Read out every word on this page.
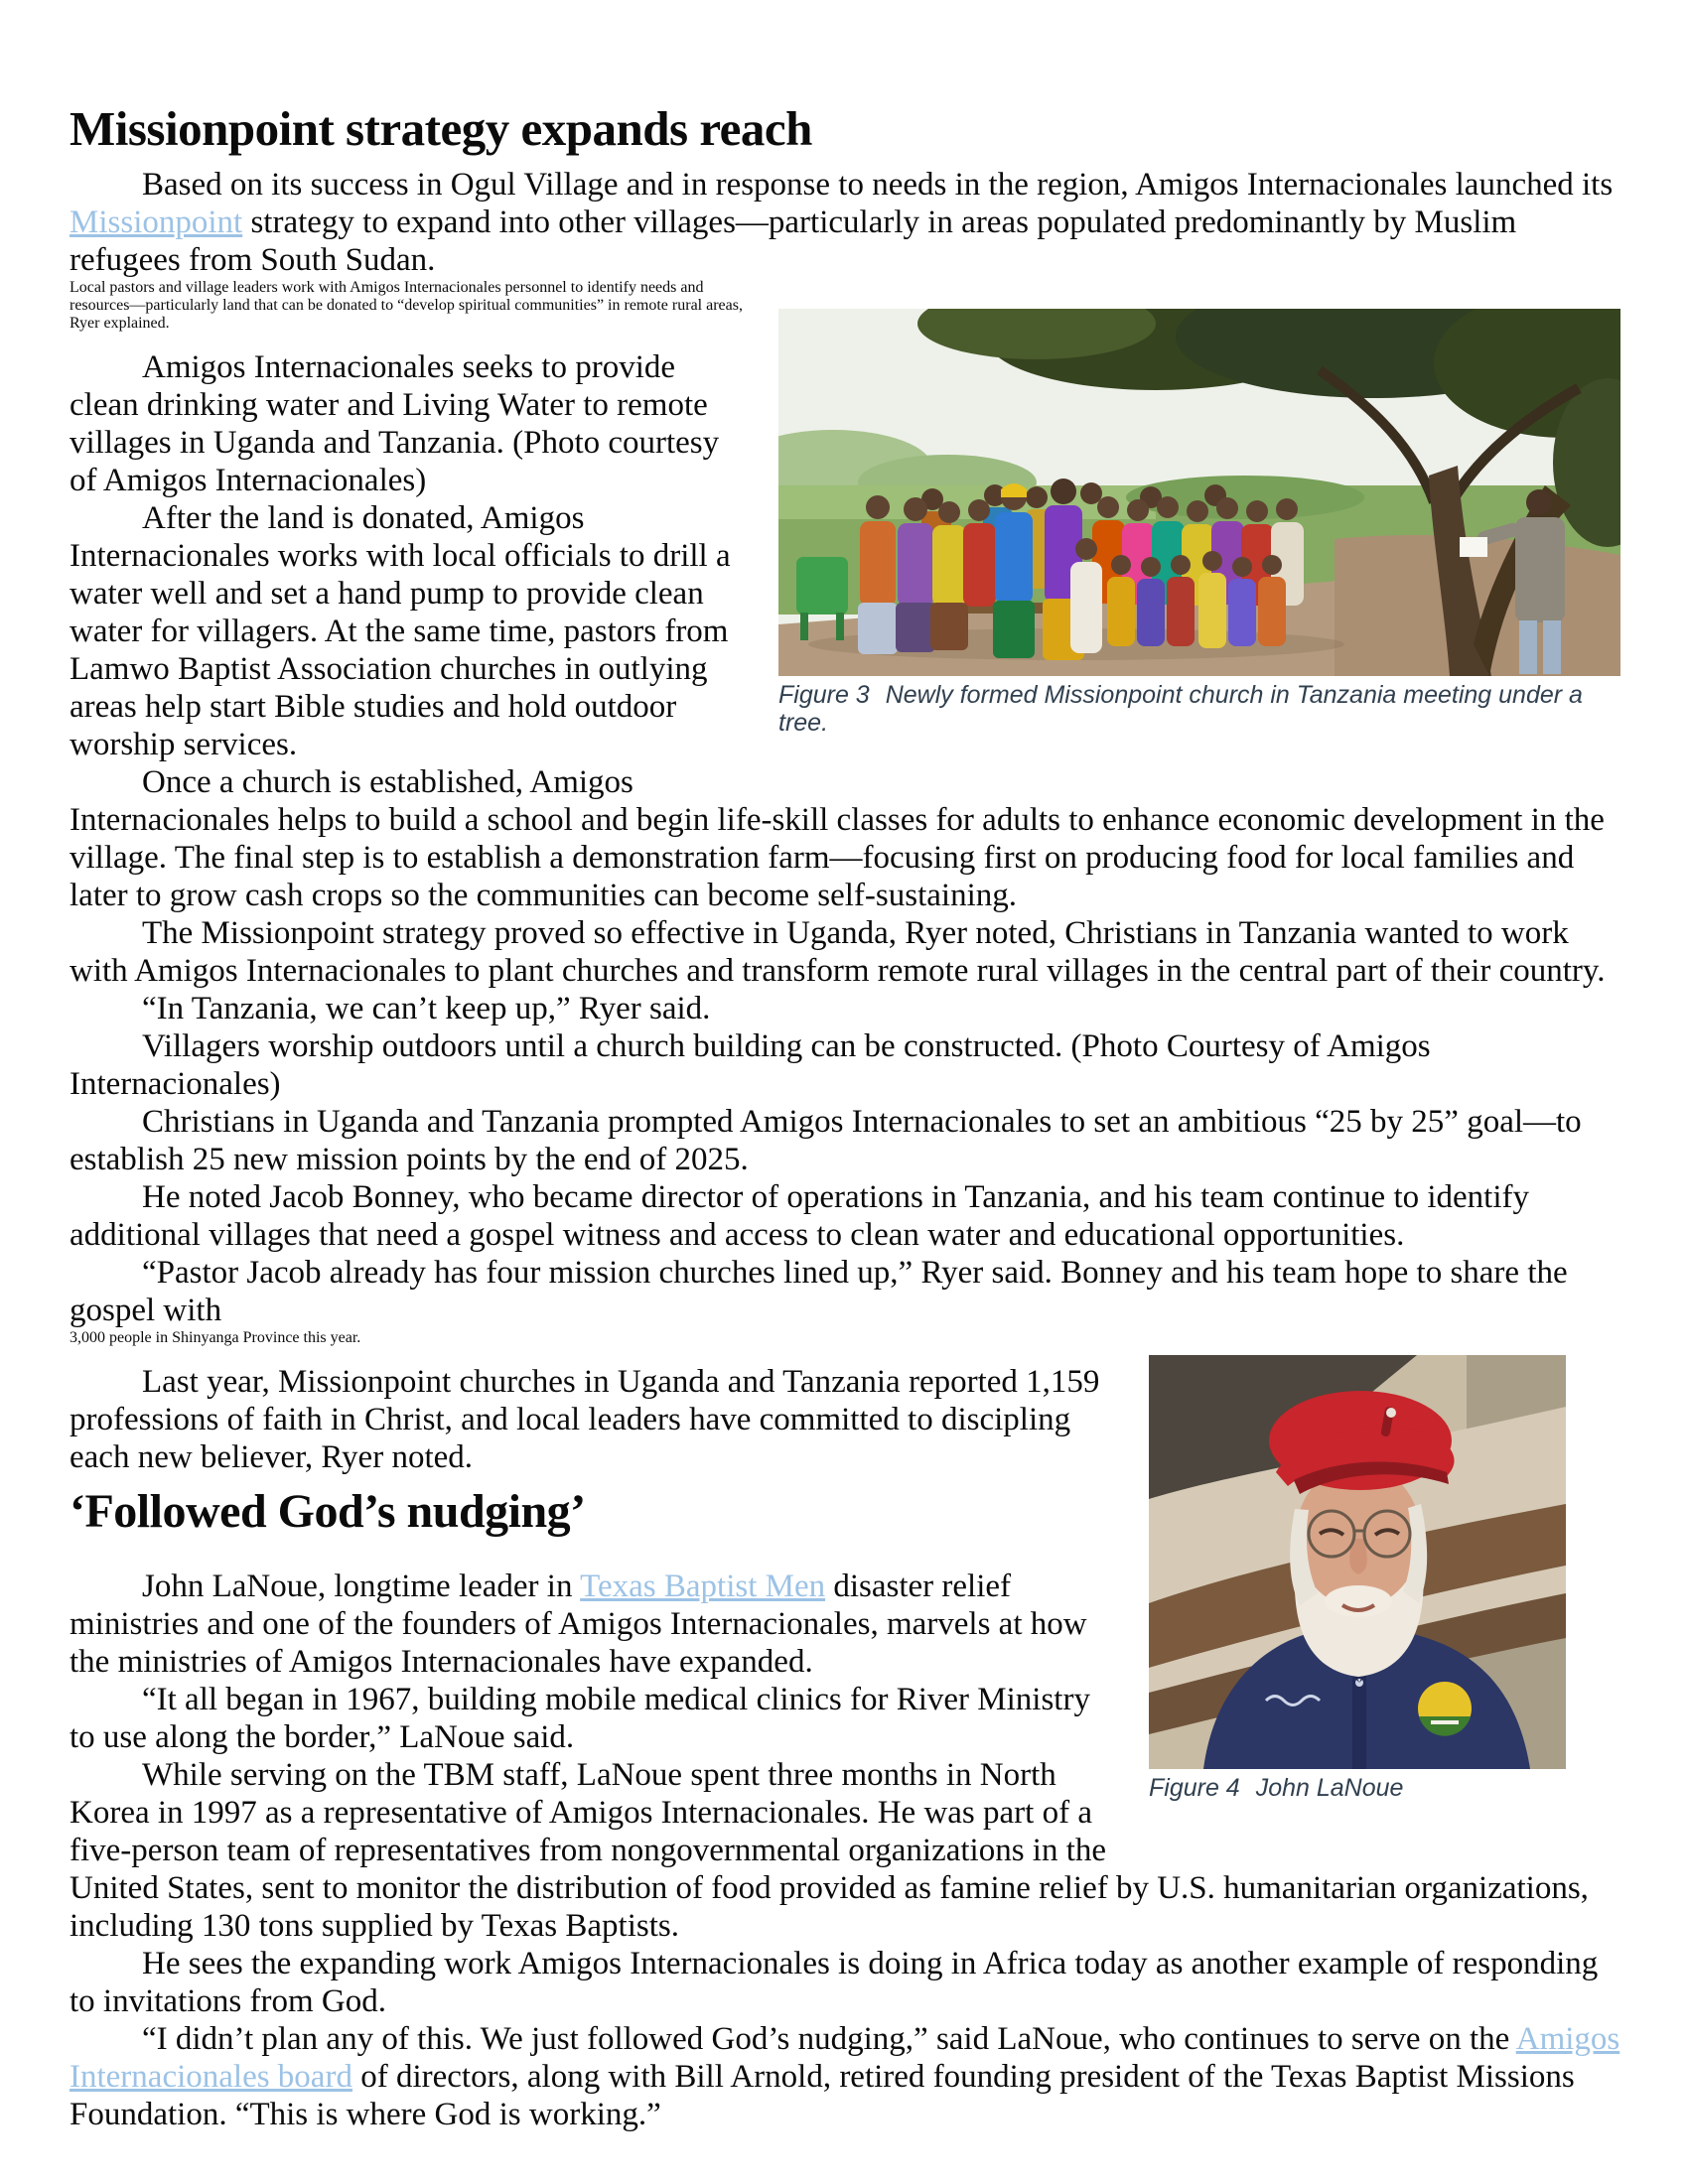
Missionpoint strategy expands reach

Based on its success in Ogul Village and in response to needs in the region, Amigos Internacionales launched its Missionpoint strategy to expand into other villages—particularly in areas populated predominantly by Muslim refugees from South Sudan.

Figure 3 Newly formed Missionpoint church in Tanzania meeting under a tree.
Local pastors and village leaders work with Amigos Internacionales personnel to identify needs and resources—particularly land that can be donated to “develop spiritual communities” in remote rural areas, Ryer explained.

Amigos Internacionales seeks to provide clean drinking water and Living Water to remote villages in Uganda and Tanzania. (Photo courtesy of Amigos Internacionales)

After the land is donated, Amigos Internacionales works with local officials to drill a water well and set a hand pump to provide clean water for villagers. At the same time, pastors from Lamwo Baptist Association churches in outlying areas help start Bible studies and hold outdoor worship services.

Once a church is established, Amigos Internacionales helps to build a school and begin life-skill classes for adults to enhance economic development in the village. The final step is to establish a demonstration farm—focusing first on producing food for local families and later to grow cash crops so the communities can become self-sustaining.

The Missionpoint strategy proved so effective in Uganda, Ryer noted, Christians in Tanzania wanted to work with Amigos Internacionales to plant churches and transform remote rural villages in the central part of their country.

“In Tanzania, we can’t keep up,” Ryer said.

Villagers worship outdoors until a church building can be constructed. (Photo Courtesy of Amigos Internacionales)

Christians in Uganda and Tanzania prompted Amigos Internacionales to set an ambitious “25 by 25” goal—to establish 25 new mission points by the end of 2025.

He noted Jacob Bonney, who became director of operations in Tanzania, and his team continue to identify additional villages that need a gospel witness and access to clean water and educational opportunities.

“Pastor Jacob already has four mission churches lined up,” Ryer said. Bonney and his team hope to share the gospel with

Figure 4 John LaNoue
3,000 people in Shinyanga Province this year.

Last year, Missionpoint churches in Uganda and Tanzania reported 1,159 professions of faith in Christ, and local leaders have committed to discipling each new believer, Ryer noted.

‘Followed God’s nudging’

John LaNoue, longtime leader in Texas Baptist Men disaster relief ministries and one of the founders of Amigos Internacionales, marvels at how the ministries of Amigos Internacionales have expanded.

“It all began in 1967, building mobile medical clinics for River Ministry to use along the border,” LaNoue said.

While serving on the TBM staff, LaNoue spent three months in North Korea in 1997 as a representative of Amigos Internacionales. He was part of a five-person team of representatives from nongovernmental organizations in the United States, sent to monitor the distribution of food provided as famine relief by U.S. humanitarian organizations, including 130 tons supplied by Texas Baptists.

He sees the expanding work Amigos Internacionales is doing in Africa today as another example of responding to invitations from God.

“I didn’t plan any of this. We just followed God’s nudging,” said LaNoue, who continues to serve on the Amigos Internacionales board of directors, along with Bill Arnold, retired founding president of the Texas Baptist Missions Foundation. “This is where God is working.”
